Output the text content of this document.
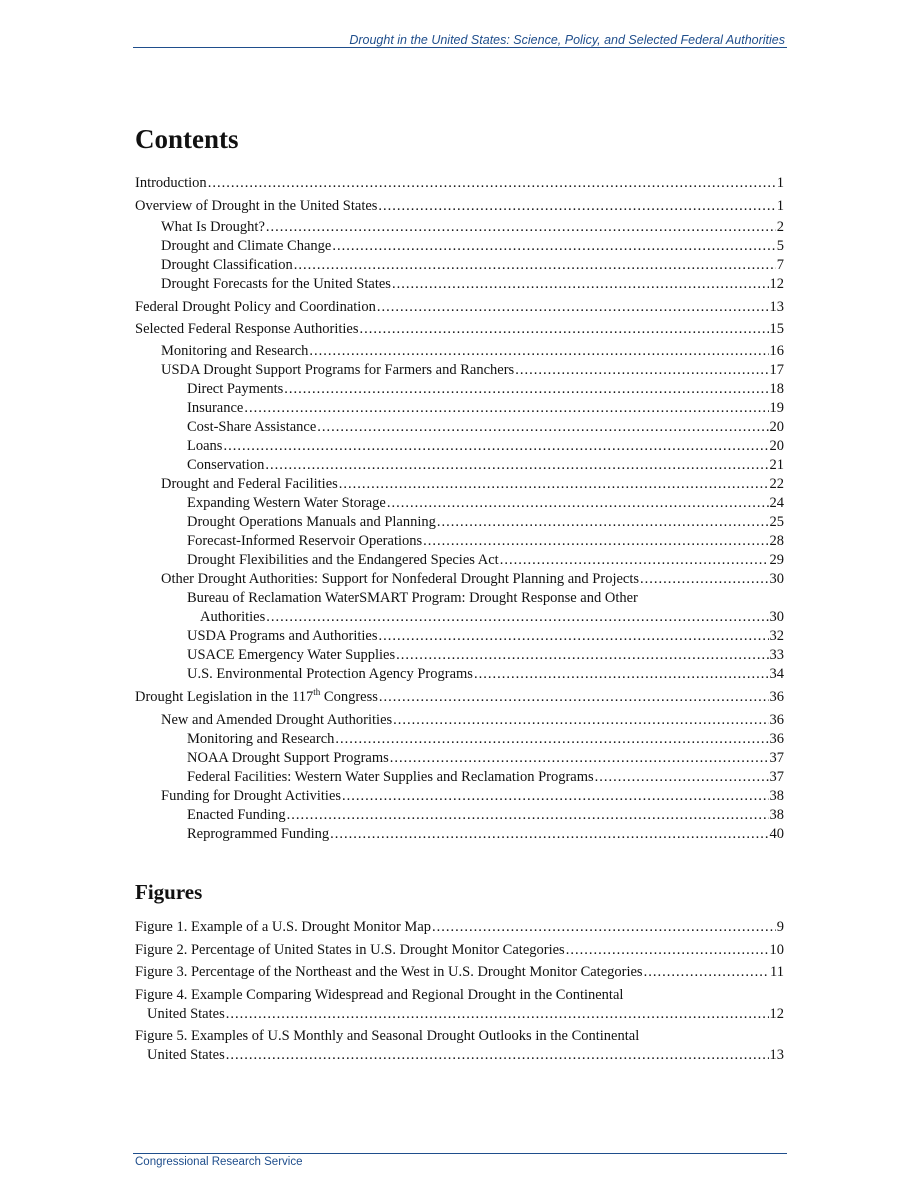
Drought in the United States: Science, Policy, and Selected Federal Authorities
Contents
Introduction .....	1
Overview of Drought in the United States .....	1
What Is Drought? .....	2
Drought and Climate Change .....	5
Drought Classification .....	7
Drought Forecasts for the United States .....	12
Federal Drought Policy and Coordination .....	13
Selected Federal Response Authorities .....	15
Monitoring and Research .....	16
USDA Drought Support Programs for Farmers and Ranchers .....	17
Direct Payments .....	18
Insurance .....	19
Cost-Share Assistance .....	20
Loans .....	20
Conservation .....	21
Drought and Federal Facilities .....	22
Expanding Western Water Storage .....	24
Drought Operations Manuals and Planning .....	25
Forecast-Informed Reservoir Operations .....	28
Drought Flexibilities and the Endangered Species Act .....	29
Other Drought Authorities: Support for Nonfederal Drought Planning and Projects .....	30
Bureau of Reclamation WaterSMART Program: Drought Response and Other
Authorities .....	30
USDA Programs and Authorities .....	32
USACE Emergency Water Supplies .....	33
U.S. Environmental Protection Agency Programs .....	34
Drought Legislation in the 117th Congress .....	36
New and Amended Drought Authorities .....	36
Monitoring and Research .....	36
NOAA Drought Support Programs .....	37
Federal Facilities: Western Water Supplies and Reclamation Programs .....	37
Funding for Drought Activities .....	38
Enacted Funding .....	38
Reprogrammed Funding .....	40
Figures
Figure 1. Example of a U.S. Drought Monitor Map .....	9
Figure 2. Percentage of United States in U.S. Drought Monitor Categories .....	10
Figure 3. Percentage of the Northeast and the West in U.S. Drought Monitor Categories .....	11
Figure 4. Example Comparing Widespread and Regional Drought in the Continental
United States .....	12
Figure 5. Examples of U.S Monthly and Seasonal Drought Outlooks in the Continental
United States .....	13
Congressional Research Service
